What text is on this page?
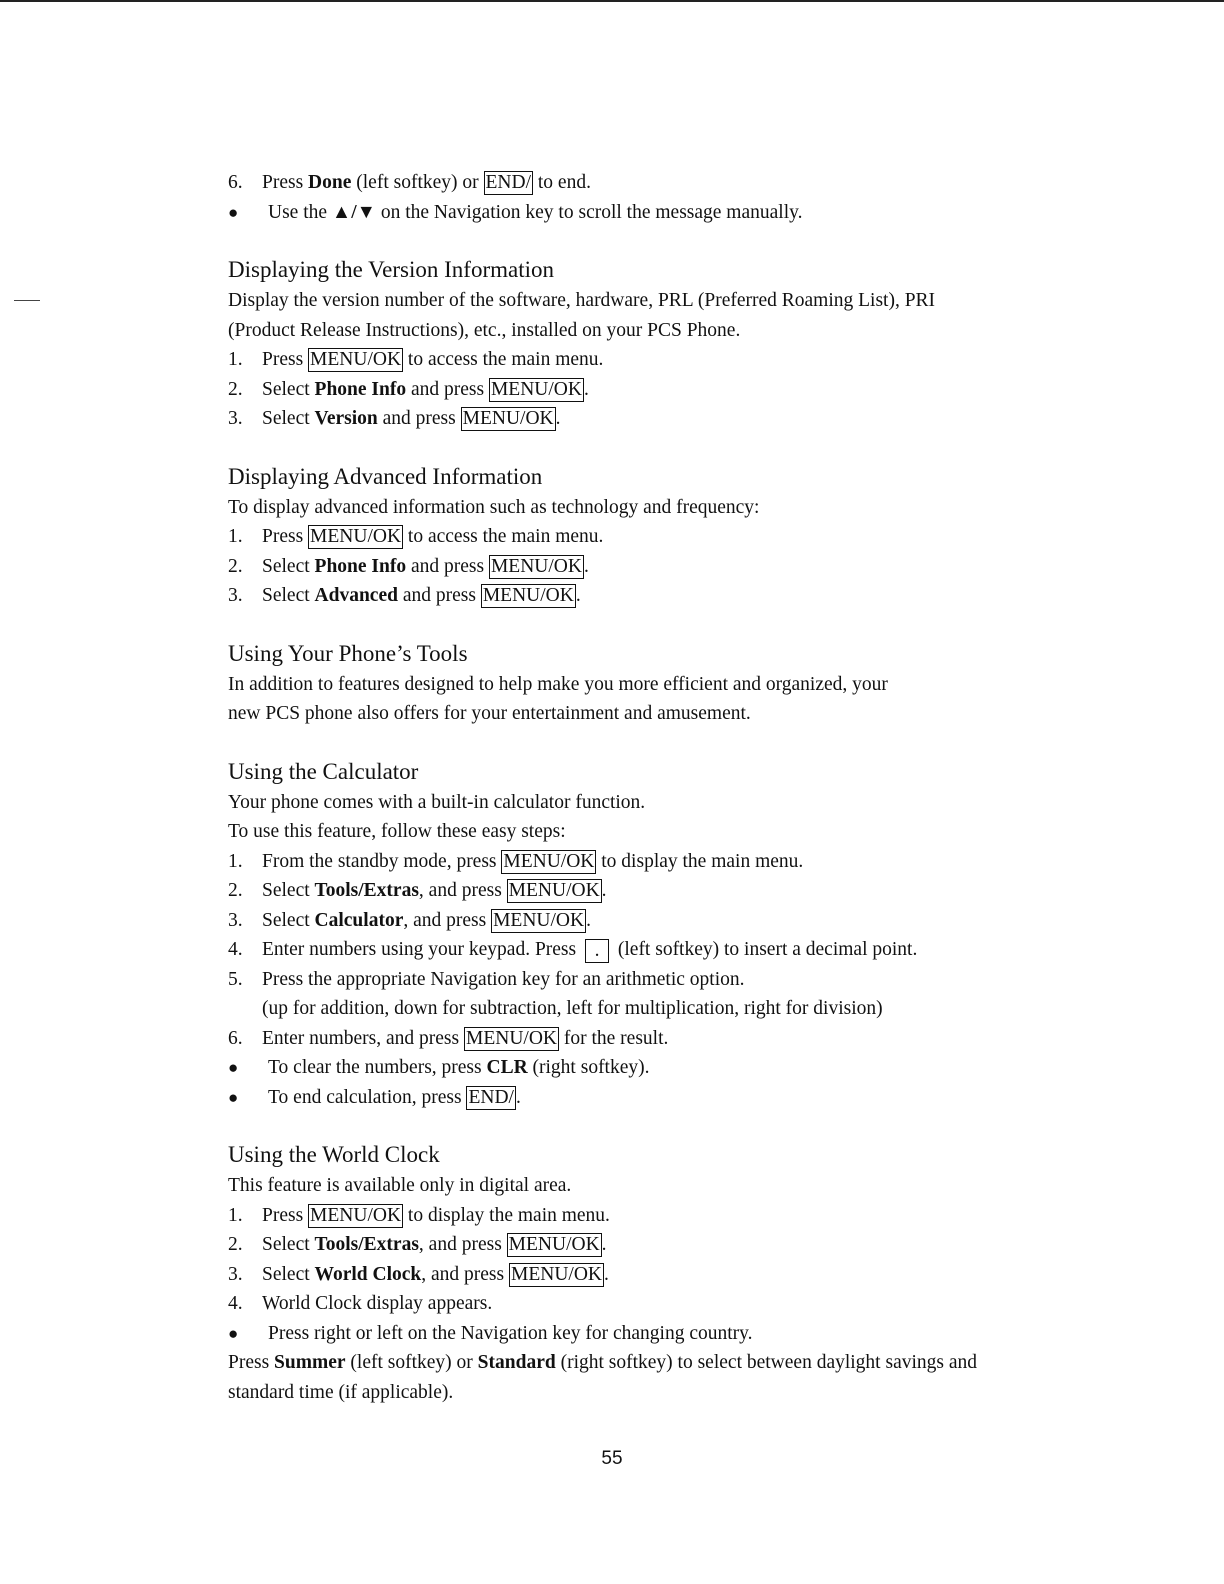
6. Press Done (left softkey) or END/ to end.
● Use the ▲/▼ on the Navigation key to scroll the message manually.
Displaying the Version Information
Display the version number of the software, hardware, PRL (Preferred Roaming List), PRI
(Product Release Instructions), etc., installed on your PCS Phone.
1. Press MENU/OK to access the main menu.
2. Select Phone Info and press MENU/OK .
3. Select Version and press MENU/OK .
Displaying Advanced Information
To display advanced information such as technology and frequency:
1. Press MENU/OK to access the main menu.
2. Select Phone Info and press MENU/OK .
3. Select Advanced and press MENU/OK .
Using Your Phone’s Tools
In addition to features designed to help make you more efficient and organized, your
new PCS phone also offers for your entertainment and amusement.
Using the Calculator
Your phone comes with a built-in calculator function.
To use this feature, follow these easy steps:
1. From the standby mode, press MENU/OK to display the main menu.
2. Select Tools/Extras, and press MENU/OK .
3. Select Calculator, and press MENU/OK .
4. Enter numbers using your keypad. Press . (left softkey) to insert a decimal point.
5. Press the appropriate Navigation key for an arithmetic option.
(up for addition, down for subtraction, left for multiplication, right for division)
6. Enter numbers, and press MENU/OK for the result.
● To clear the numbers, press CLR (right softkey).
● To end calculation, press END/ .
Using the World Clock
This feature is available only in digital area.
1. Press MENU/OK to display the main menu.
2. Select Tools/Extras, and press MENU/OK .
3. Select World Clock, and press MENU/OK .
4. World Clock display appears.
● Press right or left on the Navigation key for changing country.
Press Summer (left softkey) or Standard (right softkey) to select between daylight savings and
standard time (if applicable).
55
